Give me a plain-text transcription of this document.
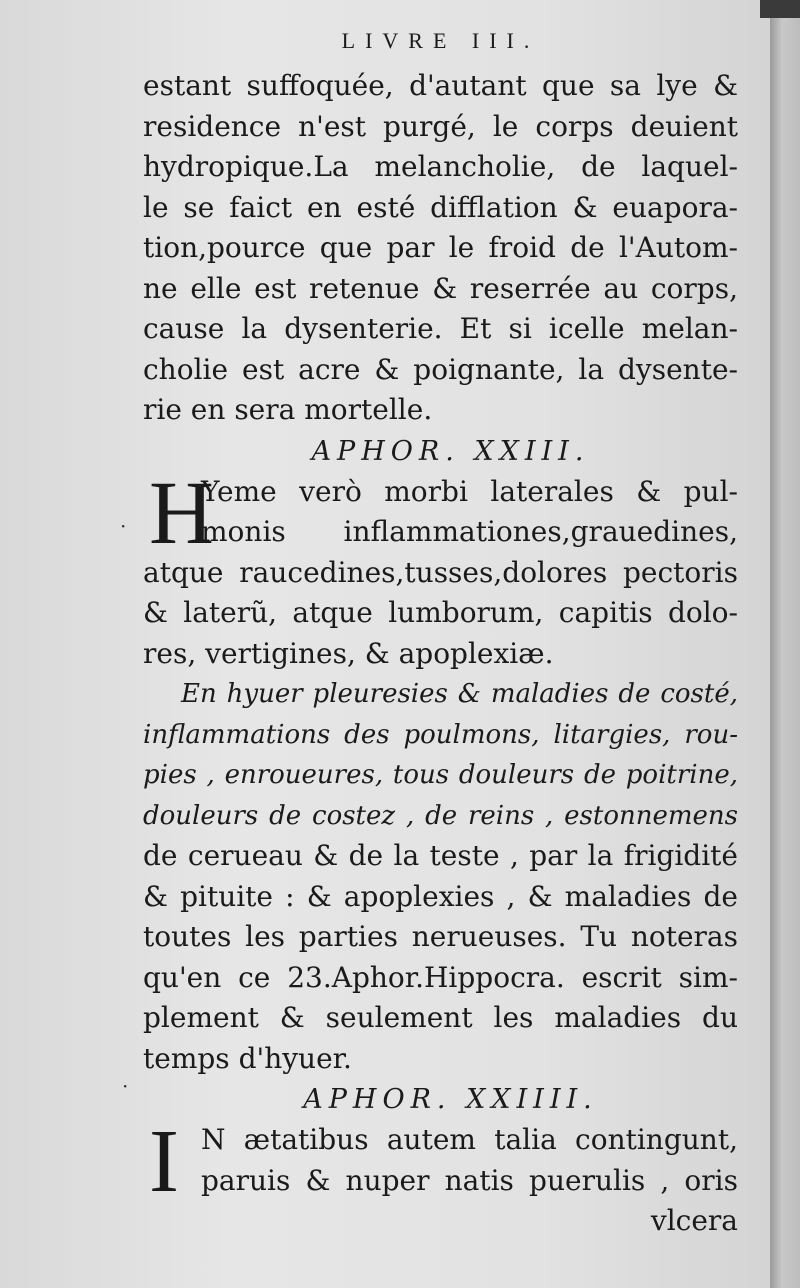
LIVRE III.
estant suffoquée, d'autant que sa lye &
residence n'est purgé, le corps deuient
hydropique.La melancholie, de laquel-
le se faict en esté difflation & euapora-
tion,pource que par le froid de l'Autom-
ne elle est retenue & reserrée au corps,
cause la dysenterie. Et si icelle melan-
cholie est acre & poignante, la dysente-
rie en sera mortelle.
APHOR. XXIII.
H
Yeme verò morbi laterales & pul-
monis inflammationes,grauedines,
atque raucedines,tusses,dolores pectoris
& laterũ, atque lumborum, capitis dolo-
res, vertigines, & apoplexiæ.
En hyuer pleuresies & maladies de costé,
inflammations des poulmons, litargies, rou-
pies , enroueures, tous douleurs de poitrine,
douleurs de costez , de reins , estonnemens
de cerueau & de la teste , par la frigidité
& pituite : & apoplexies , & maladies de
toutes les parties nerueuses. Tu noteras
qu'en ce 23.Aphor.Hippocra. escrit sim-
plement & seulement les maladies du
temps d'hyuer.
APHOR. XXIIII.
I N ætatibus autem talia contingunt,
paruis & nuper natis puerulis , oris
vlcera
·
·
